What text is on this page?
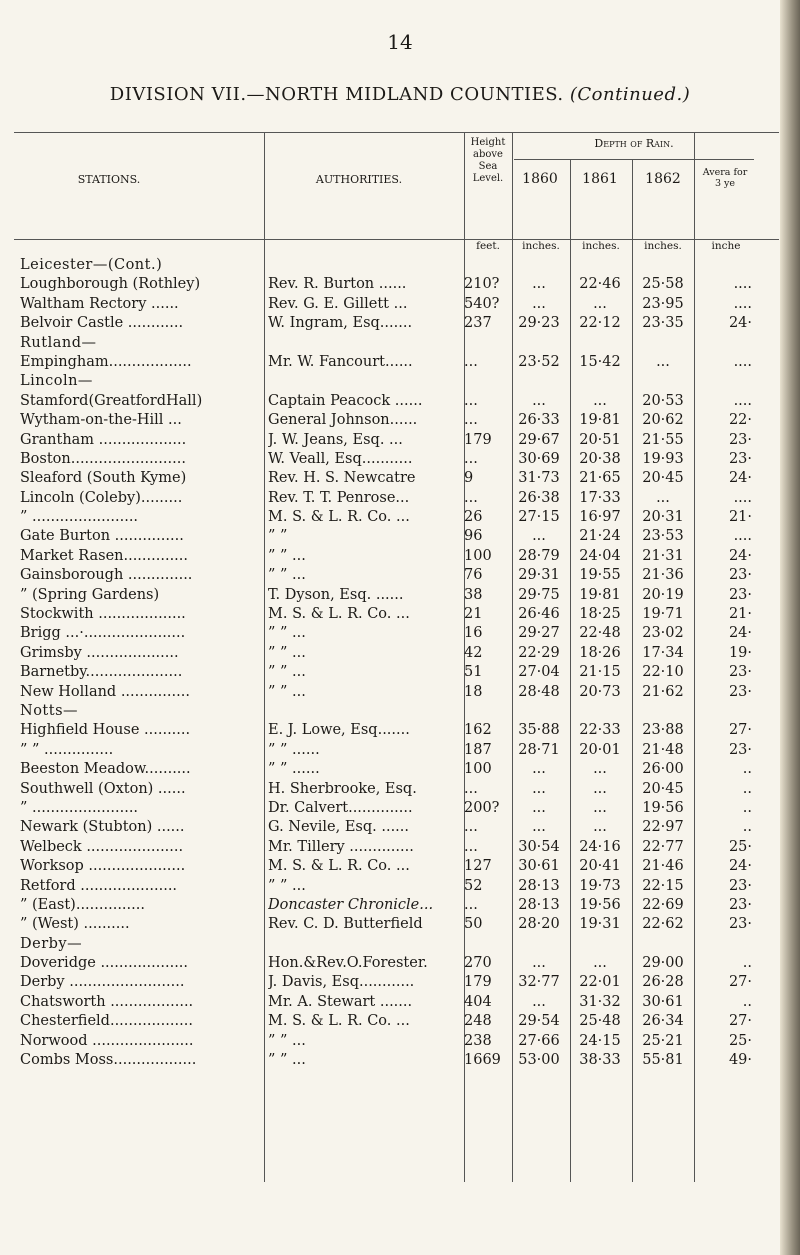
14
DIVISION VII.—NORTH MIDLAND COUNTIES. (Continued.)
STATIONS.	AUTHORITIES.
Height above Sea Level.
Depth of Rain.
1860	1861	1862	Avera for 3 ye
feet.	inches.	inches.	inches.	inche
Leicester—(Cont.)
Loughborough (Rothley)	Rev. R. Burton ......	210?	...	22·46	25·58	....
Waltham Rectory ......	Rev. G. E. Gillett ...	540?	...	...	23·95	....
Belvoir Castle ............	W. Ingram, Esq.......	237	29·23	22·12	23·35	24·
Rutland—
Empingham..................	Mr. W. Fancourt......	...	23·52	15·42	...	....
Lincoln—
Stamford(GreatfordHall)	Captain Peacock ......	...	...	...	20·53	....
Wytham-on-the-Hill ...	General Johnson......	...	26·33	19·81	20·62	22·
Grantham ...................	J. W. Jeans, Esq. ...	179	29·67	20·51	21·55	23·
Boston.........................	W. Veall, Esq...........	...	30·69	20·38	19·93	23·
Sleaford (South Kyme)	Rev. H. S. Newcatre	9	31·73	21·65	20·45	24·
Lincoln (Coleby).........	Rev. T. T. Penrose...	...	26·38	17·33	...	....
” .......................	M. S. & L. R. Co. ...	26	27·15	16·97	20·31	21·
Gate Burton ...............	” ”	96	...	21·24	23·53	....
Market Rasen..............	” ” ...	100	28·79	24·04	21·31	24·
Gainsborough ..............	” ” ...	76	29·31	19·55	21·36	23·
” (Spring Gardens)	T. Dyson, Esq. ......	38	29·75	19·81	20·19	23·
Stockwith ...................	M. S. & L. R. Co. ...	21	26·46	18·25	19·71	21·
Brigg ...·......................	” ” ...	16	29·27	22·48	23·02	24·
Grimsby ....................	” ” ...	42	22·29	18·26	17·34	19·
Barnetby.....................	” ” ...	51	27·04	21·15	22·10	23·
New Holland ...............	” ” ...	18	28·48	20·73	21·62	23·
Notts—
Highfield House ..........	E. J. Lowe, Esq.......	162	35·88	22·33	23·88	27·
” ” ...............	” ” ......	187	28·71	20·01	21·48	23·
Beeston Meadow..........	” ” ......	100	...	...	26·00	..
Southwell (Oxton) ......	H. Sherbrooke, Esq.	...	...	...	20·45	..
” .......................	Dr. Calvert..............	200?	...	...	19·56	..
Newark (Stubton) ......	G. Nevile, Esq. ......	...	...	...	22·97	..
Welbeck .....................	Mr. Tillery ..............	...	30·54	24·16	22·77	25·
Worksop .....................	M. S. & L. R. Co. ...	127	30·61	20·41	21·46	24·
Retford .....................	” ” ...	52	28·13	19·73	22·15	23·
” (East)...............	Doncaster Chronicle...	...	28·13	19·56	22·69	23·
” (West) ..........	Rev. C. D. Butterfield	50	28·20	19·31	22·62	23·
Derby—
Doveridge ...................	Hon.&Rev.O.Forester.	270	...	...	29·00	..
Derby .........................	J. Davis, Esq............	179	32·77	22·01	26·28	27·
Chatsworth ..................	Mr. A. Stewart .......	404	...	31·32	30·61	..
Chesterfield..................	M. S. & L. R. Co. ...	248	29·54	25·48	26·34	27·
Norwood ......................	” ” ...	238	27·66	24·15	25·21	25·
Combs Moss..................	” ” ...	1669	53·00	38·33	55·81	49·
